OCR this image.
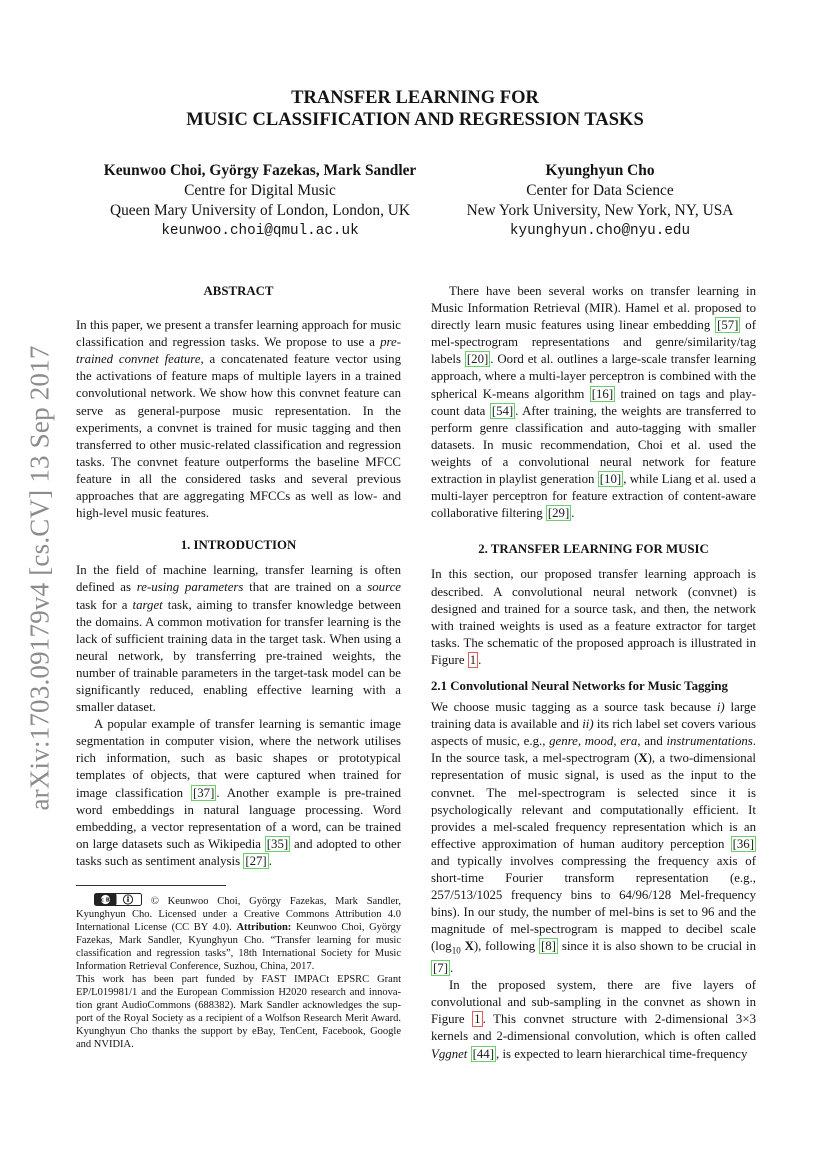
arXiv:1703.09179v4 [cs.CV] 13 Sep 2017
TRANSFER LEARNING FOR
MUSIC CLASSIFICATION AND REGRESSION TASKS
Keunwoo Choi, György Fazekas, Mark Sandler
Centre for Digital Music
Queen Mary University of London, London, UK
keunwoo.choi@qmul.ac.uk
Kyunghyun Cho
Center for Data Science
New York University, New York, NY, USA
kyunghyun.cho@nyu.edu

ABSTRACT

In this paper, we present a transfer learning approach for music classification and regression tasks. We propose to use a pre-trained convnet feature, a concatenated feature vector using the activations of feature maps of multiple layers in a trained convolutional network. We show how this convnet feature can serve as general-purpose music representation. In the experiments, a convnet is trained for music tagging and then transferred to other music-related classification and regression tasks. The convnet feature outperforms the baseline MFCC feature in all the considered tasks and several previous approaches that are aggregating MFCCs as well as low- and high-level music features.

1. INTRODUCTION

In the field of machine learning, transfer learning is often defined as re-using parameters that are trained on a source task for a target task, aiming to transfer knowledge between the domains. A common motivation for transfer learning is the lack of sufficient training data in the target task. When using a neural network, by transferring pre-trained weights, the number of trainable parameters in the target-task model can be significantly reduced, enabling effective learning with a smaller dataset.

A popular example of transfer learning is semantic image segmentation in computer vision, where the network utilises rich information, such as basic shapes or prototypical templates of objects, that were captured when trained for image classification [37] . Another example is pre-trained word embeddings in natural language processing. Word embedding, a vector representation of a word, can be trained on large datasets such as Wikipedia [35] and adopted to other tasks such as sentiment analysis [27] .

cc BY	© Keunwoo Choi, György Fazekas, Mark Sandler, Kyunghyun Cho. Licensed under a Creative Commons Attribution 4.0 International License (CC BY 4.0). Attribution: Keunwoo Choi, György Fazekas, Mark Sandler, Kyunghyun Cho. “Transfer learning for music classification and regression tasks”, 18th International Society for Music Information Retrieval Conference, Suzhou, China, 2017.

This work has been part funded by FAST IMPACt EPSRC Grant EP/L019981/1 and the European Commission H2020 research and innova- tion grant AudioCommons (688382). Mark Sandler acknowledges the sup- port of the Royal Society as a recipient of a Wolfson Research Merit Award. Kyunghyun Cho thanks the support by eBay, TenCent, Facebook, Google and NVIDIA.

There have been several works on transfer learning in Music Information Retrieval (MIR). Hamel et al. proposed to directly learn music features using linear embedding [57] of mel-spectrogram representations and genre/similarity/tag labels [20] . Oord et al. outlines a large-scale transfer learning approach, where a multi-layer perceptron is combined with the spherical K-means algorithm [16] trained on tags and play-count data [54] . After training, the weights are transferred to perform genre classification and auto-tagging with smaller datasets. In music recommendation, Choi et al. used the weights of a convolutional neural network for feature extraction in playlist generation [10] , while Liang et al. used a multi-layer perceptron for feature extraction of content-aware collaborative filtering [29] .

2. TRANSFER LEARNING FOR MUSIC

In this section, our proposed transfer learning approach is described. A convolutional neural network (convnet) is designed and trained for a source task, and then, the network with trained weights is used as a feature extractor for target tasks. The schematic of the proposed approach is illustrated in Figure 1 .

2.1 Convolutional Neural Networks for Music Tagging

We choose music tagging as a source task because i) large training data is available and ii) its rich label set covers various aspects of music, e.g., genre, mood, era, and instrumentations. In the source task, a mel-spectrogram (X), a two-dimensional representation of music signal, is used as the input to the convnet. The mel-spectrogram is selected since it is psychologically relevant and computationally efficient. It provides a mel-scaled frequency representation which is an effective approximation of human auditory perception [36] and typically involves compressing the frequency axis of short-time Fourier transform representation (e.g., 257/513/1025 frequency bins to 64/96/128 Mel-frequency bins). In our study, the number of mel-bins is set to 96 and the magnitude of mel-spectrogram is mapped to decibel scale ($\log_{10}$ X), following [8] since it is also shown to be crucial in [7] .

In the proposed system, there are five layers of convolutional and sub-sampling in the convnet as shown in Figure 1 . This convnet structure with 2-dimensional 3×3 kernels and 2-dimensional convolution, which is often called Vggnet [44] , is expected to learn hierarchical time-frequency
